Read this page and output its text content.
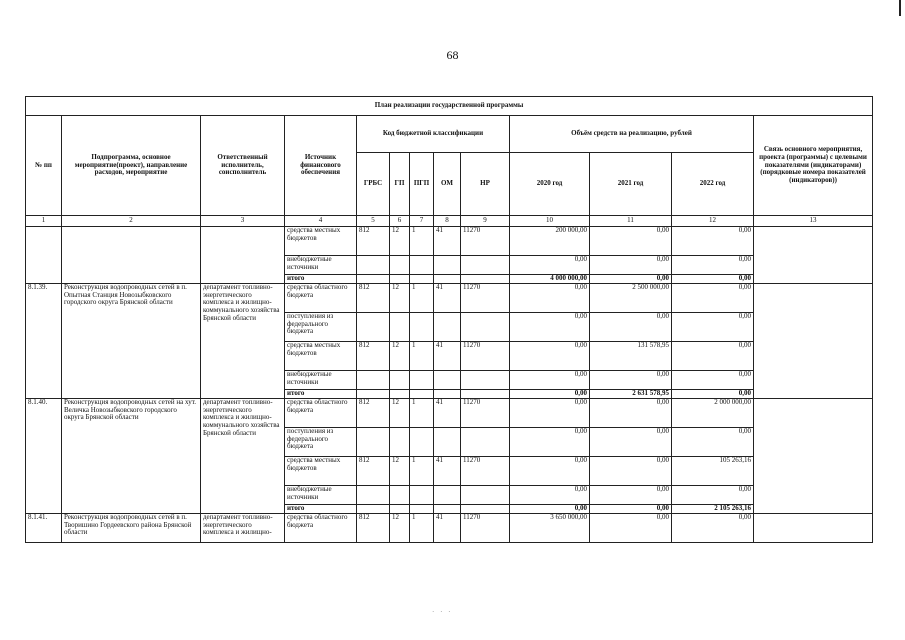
68
План реализации государственной программы												
№ пп	Подпрограмма, основное мероприятие(проект), направление расходов, мероприятие	Ответственный исполнитель, соисполнитель	Источник финансового обеспечения	Код бюджетной классификации					Объём средств на реализацию, рублей			Связь основного мероприятия, проекта (программы) с целевыми показателями (индикаторами) (порядковые номера показателей (индикаторов))
				ГРБС	ГП	ПГП	ОМ	НР	2020 год	2021 год	2022 год	
1	2	3	4	5	6	7	8	9	10	11	12	13
			средства местных бюджетов	812	12	1	41	11270	200 000,00	0,00	0,00	
			внебюджетные источники						0,00	0,00	0,00	
			итого						4 000 000,00	0,00	0,00	
8.1.39.	Реконструкция водопроводных сетей в п. Опытная Станция Новозыбковского городского округа Брянской области	департамент топливно-энергетического комплекса и жилищно-коммунального хозяйства Брянской области	средства областного бюджета	812	12	1	41	11270	0,00	2 500 000,00	0,00	
			поступления из федерального бюджета						0,00	0,00	0,00	
			средства местных бюджетов	812	12	1	41	11270	0,00	131 578,95	0,00	
			внебюджетные источники						0,00	0,00	0,00	
			итого						0,00	2 631 578,95	0,00	
8.1.40.	Реконструкция водопроводных сетей на хут. Величка Новозыбковского городского округа Брянской области	департамент топливно-энергетического комплекса и жилищно-коммунального хозяйства Брянской области	средства областного бюджета	812	12	1	41	11270	0,00	0,00	2 000 000,00	
			поступления из федерального бюджета						0,00	0,00	0,00	
			средства местных бюджетов	812	12	1	41	11270	0,00	0,00	105 263,16	
			внебюджетные источники						0,00	0,00	0,00	
			итого						0,00	0,00	2 105 263,16	
8.1.41.	Реконструкция водопроводных сетей в п. Творишино Гордеевского района Брянской области	департамент топливно-энергетического комплекса и жилищно-	средства областного бюджета	812	12	1	41	11270	3 650 000,00	0,00	0,00	
· · ·
